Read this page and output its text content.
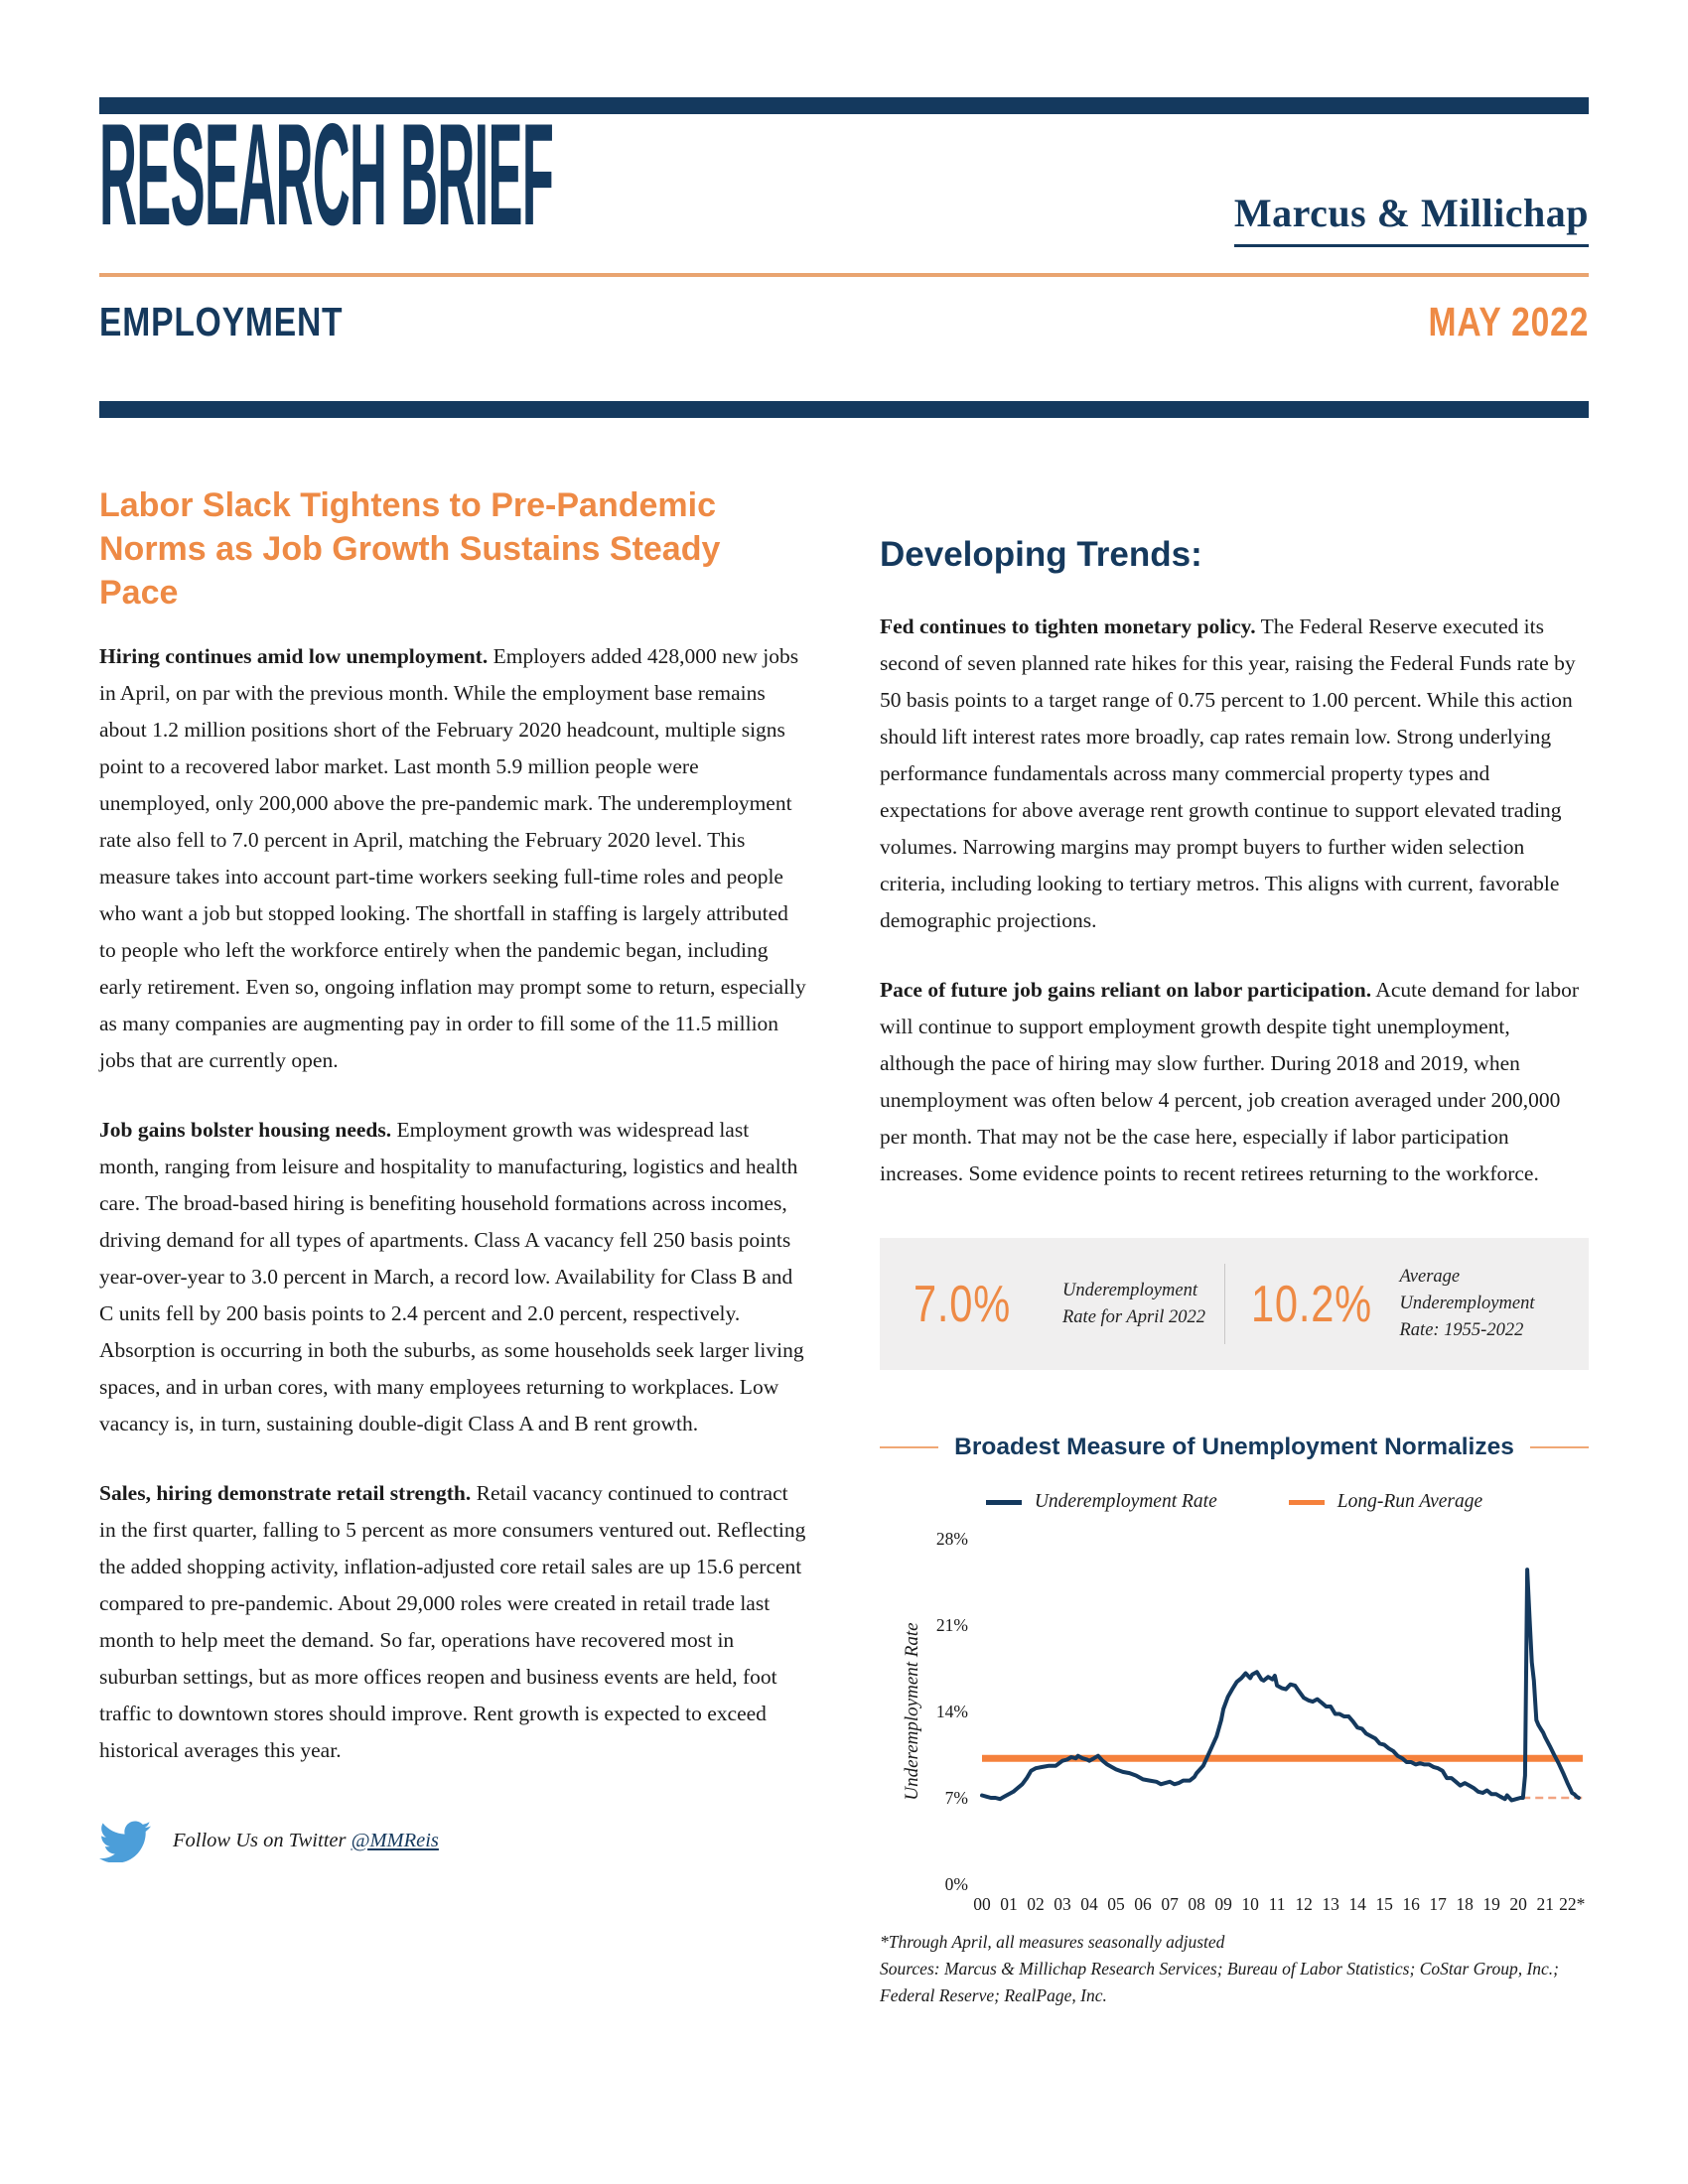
RESEARCH BRIEF	Marcus & Millichap
EMPLOYMENT	MAY 2022
Labor Slack Tightens to Pre-Pandemic Norms as Job Growth Sustains Steady Pace

Hiring continues amid low unemployment. Employers added 428,000 new jobs in April, on par with the previous month. While the employment base remains about 1.2 million positions short of the February 2020 headcount, multiple signs point to a recovered labor market. Last month 5.9 million people were unemployed, only 200,000 above the pre-pandemic mark. The underemployment rate also fell to 7.0 percent in April, matching the February 2020 level. This measure takes into account part-time workers seeking full-time roles and people who want a job but stopped looking. The shortfall in staffing is largely attributed to people who left the workforce entirely when the pandemic began, including early retirement. Even so, ongoing inflation may prompt some to return, especially as many companies are augmenting pay in order to fill some of the 11.5 million jobs that are currently open.

Job gains bolster housing needs. Employment growth was widespread last month, ranging from leisure and hospitality to manufacturing, logistics and health care. The broad-based hiring is benefiting household formations across incomes, driving demand for all types of apartments. Class A vacancy fell 250 basis points year-over-year to 3.0 percent in March, a record low. Availability for Class B and C units fell by 200 basis points to 2.4 percent and 2.0 percent, respectively. Absorption is occurring in both the suburbs, as some households seek larger living spaces, and in urban cores, with many employees returning to workplaces. Low vacancy is, in turn, sustaining double-digit Class A and B rent growth.

Sales, hiring demonstrate retail strength. Retail vacancy continued to contract in the first quarter, falling to 5 percent as more consumers ventured out. Reflecting the added shopping activity, inflation-adjusted core retail sales are up 15.6 percent compared to pre-pandemic. About 29,000 roles were created in retail trade last month to help meet the demand. So far, operations have recovered most in suburban settings, but as more offices reopen and business events are held, foot traffic to downtown stores should improve. Rent growth is expected to exceed historical averages this year.

Follow Us on Twitter @MMReis
Developing Trends:

Fed continues to tighten monetary policy. The Federal Reserve executed its second of seven planned rate hikes for this year, raising the Federal Funds rate by 50 basis points to a target range of 0.75 percent to 1.00 percent. While this action should lift interest rates more broadly, cap rates remain low. Strong underlying performance fundamentals across many commercial property types and expectations for above average rent growth continue to support elevated trading volumes. Narrowing margins may prompt buyers to further widen selection criteria, including looking to tertiary metros. This aligns with current, favorable demographic projections.

Pace of future job gains reliant on labor participation. Acute demand for labor will continue to support employment growth despite tight unemployment, although the pace of hiring may slow further. During 2018 and 2019, when unemployment was often below 4 percent, job creation averaged under 200,000 per month. That may not be the case here, especially if labor participation increases. Some evidence points to recent retirees returning to the workforce.

7.0%	Underemployment Rate for April 2022 10.2%	Average Underemployment Rate: 1955-2022
Broadest Measure of Unemployment Normalizes
Underemployment Rate	Long-Run Average
28%
21%
14%
7%
0%
00 01 02 03 04 05 06 07 08 09 10 11 12 13 14 15 16 17 18 19 20 21 22*
Underemployment Rate
*Through April, all measures seasonally adjusted
Sources: Marcus & Millichap Research Services; Bureau of Labor Statistics; CoStar Group, Inc.; Federal Reserve; RealPage, Inc.
